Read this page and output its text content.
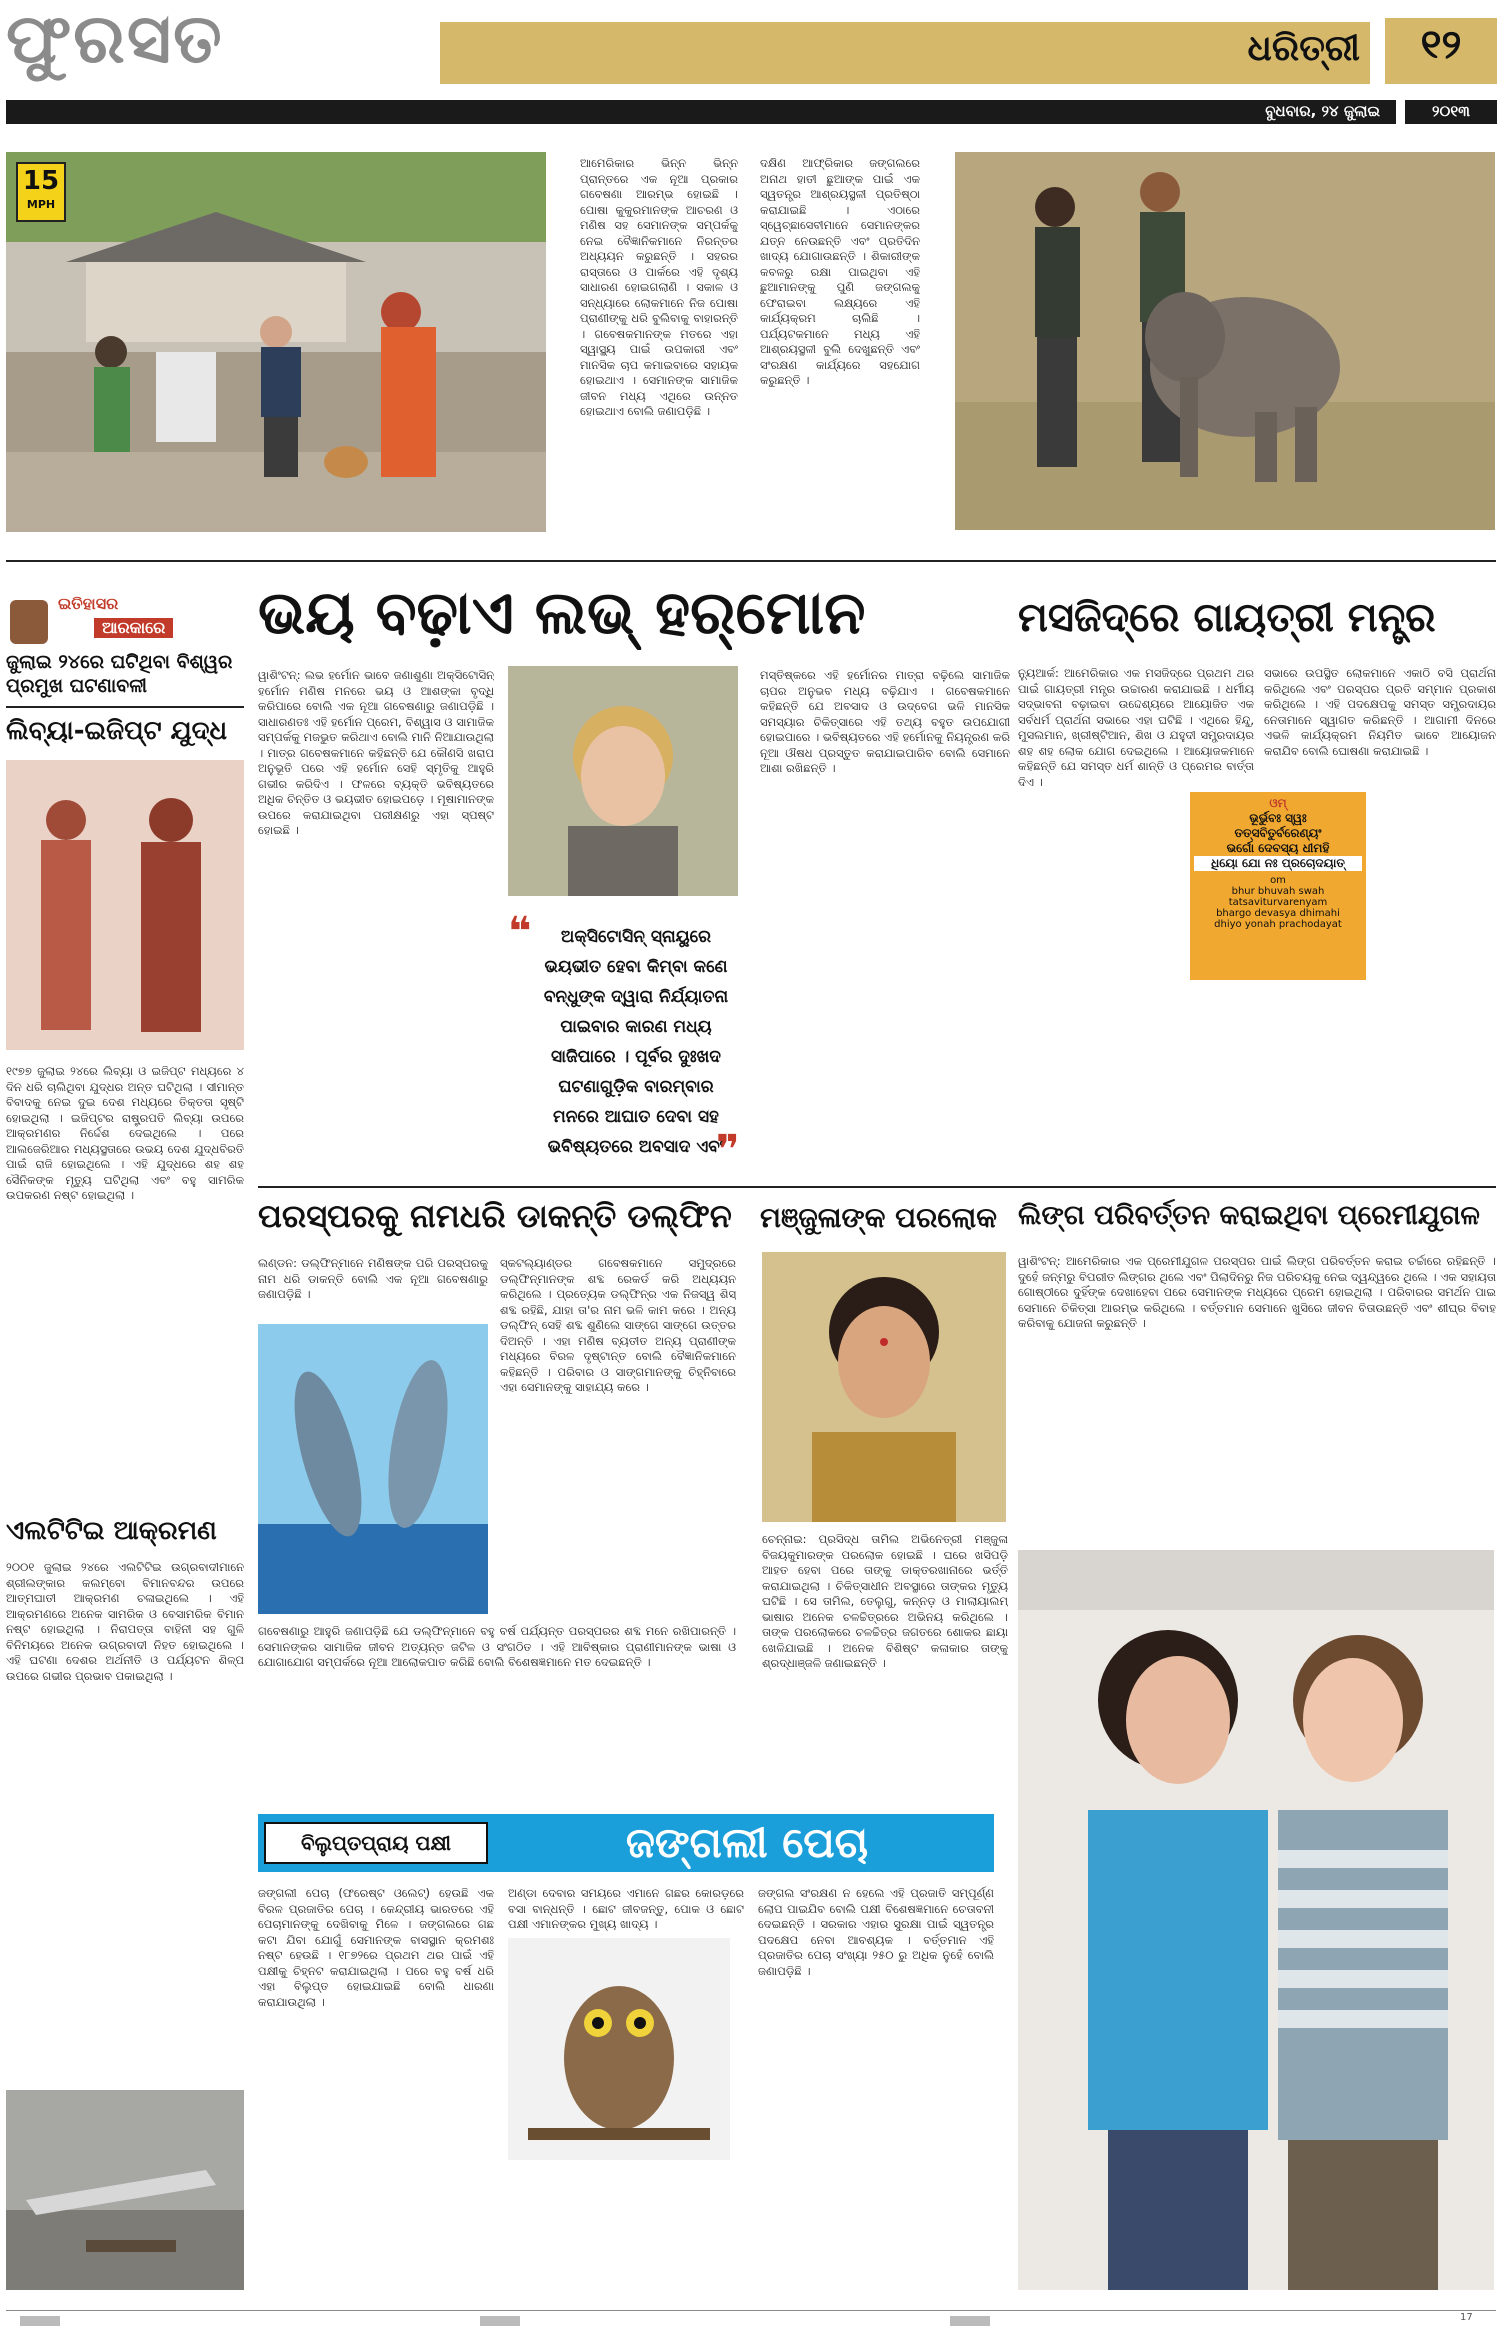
ଫୁରସତ	ଧରିତ୍ରୀ	୧୨
ବୁଧବାର, ୨୪ ଜୁଲାଇ	୨୦୧୩
15
MPH
ଆମେରିକାର ଭିନ୍ନ ଭିନ୍ନ ପ୍ରାନ୍ତରେ ଏକ ନୂଆ ପ୍ରକାର ଗବେଷଣା ଆରମ୍ଭ ହୋଇଛି । ପୋଷା କୁକୁରମାନଙ୍କ ଆଚରଣ ଓ ମଣିଷ ସହ ସେମାନଙ୍କ ସମ୍ପର୍କକୁ ନେଇ ବୈଜ୍ଞାନିକମାନେ ନିରନ୍ତର ଅଧ୍ୟୟନ କରୁଛନ୍ତି । ସହରର ରାସ୍ତାରେ ଓ ପାର୍କରେ ଏହି ଦୃଶ୍ୟ ସାଧାରଣ ହୋଇଗଲାଣି । ସକାଳ ଓ ସନ୍ଧ୍ୟାରେ ଲୋକମାନେ ନିଜ ପୋଷା ପ୍ରାଣୀଙ୍କୁ ଧରି ବୁଲିବାକୁ ବାହାରନ୍ତି । ଗବେଷକମାନଙ୍କ ମତରେ ଏହା ସ୍ୱାସ୍ଥ୍ୟ ପାଇଁ ଉପକାରୀ ଏବଂ ମାନସିକ ଚାପ କମାଇବାରେ ସହାୟକ ହୋଇଥାଏ । ସେମାନଙ୍କ ସାମାଜିକ ଜୀବନ ମଧ୍ୟ ଏଥିରେ ଉନ୍ନତ ହୋଇଥାଏ ବୋଲି ଜଣାପଡ଼ିଛି ।
ଦକ୍ଷିଣ ଆଫ୍ରିକାର ଜଙ୍ଗଲରେ ଅନାଥ ହାତୀ ଛୁଆଙ୍କ ପାଇଁ ଏକ ସ୍ୱତନ୍ତ୍ର ଆଶ୍ରୟସ୍ଥଳୀ ପ୍ରତିଷ୍ଠା କରାଯାଇଛି । ଏଠାରେ ସ୍ୱେଚ୍ଛାସେବୀମାନେ ସେମାନଙ୍କର ଯତ୍ନ ନେଉଛନ୍ତି ଏବଂ ପ୍ରତିଦିନ ଖାଦ୍ୟ ଯୋଗାଉଛନ୍ତି । ଶିକାରୀଙ୍କ କବଳରୁ ରକ୍ଷା ପାଇଥିବା ଏହି ଛୁଆମାନଙ୍କୁ ପୁଣି ଜଙ୍ଗଲକୁ ଫେରାଇବା ଲକ୍ଷ୍ୟରେ ଏହି କାର୍ଯ୍ୟକ୍ରମ ଚାଲିଛି । ପର୍ଯ୍ୟଟକମାନେ ମଧ୍ୟ ଏହି ଆଶ୍ରୟସ୍ଥଳୀ ବୁଲି ଦେଖୁଛନ୍ତି ଏବଂ ସଂରକ୍ଷଣ କାର୍ଯ୍ୟରେ ସହଯୋଗ କରୁଛନ୍ତି ।
ଇତିହାସର
ଆରକାରେ
ଜୁଲାଇ ୨୪ରେ ଘଟିଥିବା ବିଶ୍ୱର ପ୍ରମୁଖ ଘଟଣାବଳୀ
ଲିବ୍ୟା-ଇଜିପ୍ଟ ଯୁଦ୍ଧ
୧୯୭୭ ଜୁଲାଇ ୨୪ରେ ଲିବ୍ୟା ଓ ଇଜିପ୍ଟ ମଧ୍ୟରେ ୪ ଦିନ ଧରି ଚାଲିଥିବା ଯୁଦ୍ଧର ଅନ୍ତ ଘଟିଥିଲା । ସୀମାନ୍ତ ବିବାଦକୁ ନେଇ ଦୁଇ ଦେଶ ମଧ୍ୟରେ ତିକ୍ତତା ସୃଷ୍ଟି ହୋଇଥିଲା । ଇଜିପ୍ଟର ରାଷ୍ଟ୍ରପତି ଲିବ୍ୟା ଉପରେ ଆକ୍ରମଣର ନିର୍ଦ୍ଦେଶ ଦେଇଥିଲେ । ପରେ ଆଲଜେରିଆର ମଧ୍ୟସ୍ଥତାରେ ଉଭୟ ଦେଶ ଯୁଦ୍ଧବିରତି ପାଇଁ ରାଜି ହୋଇଥିଲେ । ଏହି ଯୁଦ୍ଧରେ ଶହ ଶହ ସୈନିକଙ୍କ ମୃତ୍ୟୁ ଘଟିଥିଲା ଏବଂ ବହୁ ସାମରିକ ଉପକରଣ ନଷ୍ଟ ହୋଇଥିଲା ।
ଏଲଟିଟିଇ ଆକ୍ରମଣ
୨୦୦୧ ଜୁଲାଇ ୨୪ରେ ଏଲଟିଟିଇ ଉଗ୍ରବାଦୀମାନେ ଶ୍ରୀଲଙ୍କାର କଲମ୍ବୋ ବିମାନବନ୍ଦର ଉପରେ ଆତ୍ମଘାତୀ ଆକ୍ରମଣ ଚଳାଇଥିଲେ । ଏହି ଆକ୍ରମଣରେ ଅନେକ ସାମରିକ ଓ ବେସାମରିକ ବିମାନ ନଷ୍ଟ ହୋଇଥିଲା । ନିରାପତ୍ତା ବାହିନୀ ସହ ଗୁଳି ବିନିମୟରେ ଅନେକ ଉଗ୍ରବାଦୀ ନିହତ ହୋଇଥିଲେ । ଏହି ଘଟଣା ଦେଶର ଅର୍ଥନୀତି ଓ ପର୍ଯ୍ୟଟନ ଶିଳ୍ପ ଉପରେ ଗଭୀର ପ୍ରଭାବ ପକାଇଥିଲା ।
ଭୟ ବଢ଼ାଏ ଲଭ୍ ହର୍‌ମୋନ
ୱାଶିଂଟନ୍: ଲଭ ହର୍ମୋନ ଭାବେ ଜଣାଶୁଣା ଅକ୍ସିଟୋସିନ୍ ହର୍ମୋନ ମଣିଷ ମନରେ ଭୟ ଓ ଆଶଙ୍କା ବୃଦ୍ଧି କରିପାରେ ବୋଲି ଏକ ନୂଆ ଗବେଷଣାରୁ ଜଣାପଡ଼ିଛି । ସାଧାରଣତଃ ଏହି ହର୍ମୋନ ପ୍ରେମ, ବିଶ୍ୱାସ ଓ ସାମାଜିକ ସମ୍ପର୍କକୁ ମଜଭୁତ କରିଥାଏ ବୋଲି ମାନି ନିଆଯାଉଥିଲା । ମାତ୍ର ଗବେଷକମାନେ କହିଛନ୍ତି ଯେ କୌଣସି ଖରାପ ଅନୁଭୂତି ପରେ ଏହି ହର୍ମୋନ ସେହି ସ୍ମୃତିକୁ ଆହୁରି ଗଭୀର କରିଦିଏ । ଫଳରେ ବ୍ୟକ୍ତି ଭବିଷ୍ୟତରେ ଅଧିକ ଚିନ୍ତିତ ଓ ଭୟଭୀତ ହୋଇପଡ଼େ । ମୂଷାମାନଙ୍କ ଉପରେ କରାଯାଇଥିବା ପରୀକ୍ଷଣରୁ ଏହା ସ୍ପଷ୍ଟ ହୋଇଛି ।
❝	ଅକ୍ସିଟୋସିନ୍ ସ୍ନାୟୁରେ ଭୟଭୀତ ହେବା କିମ୍ବା କଣେ ବନ୍ଧୁଙ୍କ ଦ୍ୱାରା ନିର୍ଯ୍ୟାତନା ପାଇବାର କାରଣ ମଧ୍ୟ ସାଜିପାରେ । ପୂର୍ବର ଦୁଃଖଦ ଘଟଣାଗୁଡ଼ିକ ବାରମ୍ବାର ମନରେ ଆଘାତ ଦେବା ସହ ଭବିଷ୍ୟତରେ ଅବସାଦ ଏବଂ
❞
ମସ୍ତିଷ୍କରେ ଏହି ହର୍ମୋନର ମାତ୍ରା ବଢ଼ିଲେ ସାମାଜିକ ଚାପର ଅନୁଭବ ମଧ୍ୟ ବଢ଼ିଯାଏ । ଗବେଷକମାନେ କହିଛନ୍ତି ଯେ ଅବସାଦ ଓ ଉଦ୍‌ବେଗ ଭଳି ମାନସିକ ସମସ୍ୟାର ଚିକିତ୍ସାରେ ଏହି ତଥ୍ୟ ବହୁତ ଉପଯୋଗୀ ହୋଇପାରେ । ଭବିଷ୍ୟତରେ ଏହି ହର୍ମୋନକୁ ନିୟନ୍ତ୍ରଣ କରି ନୂଆ ଔଷଧ ପ୍ରସ୍ତୁତ କରାଯାଇପାରିବ ବୋଲି ସେମାନେ ଆଶା ରଖିଛନ୍ତି ।
ମସଜିଦ୍‌ରେ ଗାୟତ୍ରୀ ମନ୍ତ୍ର
ନ୍ୟୁଆର୍କ: ଆମେରିକାର ଏକ ମସଜିଦ୍‌ରେ ପ୍ରଥମ ଥର ପାଇଁ ଗାୟତ୍ରୀ ମନ୍ତ୍ର ଉଚ୍ଚାରଣ କରାଯାଇଛି । ଧର୍ମୀୟ ସଦ୍ଭାବନା ବଢ଼ାଇବା ଉଦ୍ଦେଶ୍ୟରେ ଆୟୋଜିତ ଏକ ସର୍ବଧର୍ମ ପ୍ରାର୍ଥନା ସଭାରେ ଏହା ଘଟିଛି । ଏଥିରେ ହିନ୍ଦୁ, ମୁସଲମାନ, ଖ୍ରୀଷ୍ଟିଆନ, ଶିଖ ଓ ଯହୁଦୀ ସମ୍ପ୍ରଦାୟର ଶହ ଶହ ଲୋକ ଯୋଗ ଦେଇଥିଲେ । ଆୟୋଜକମାନେ କହିଛନ୍ତି ଯେ ସମସ୍ତ ଧର୍ମ ଶାନ୍ତି ଓ ପ୍ରେମର ବାର୍ତ୍ତା ଦିଏ ।
ସଭାରେ ଉପସ୍ଥିତ ଲୋକମାନେ ଏକାଠି ବସି ପ୍ରାର୍ଥନା କରିଥିଲେ ଏବଂ ପରସ୍ପର ପ୍ରତି ସମ୍ମାନ ପ୍ରକାଶ କରିଥିଲେ । ଏହି ପଦକ୍ଷେପକୁ ସମସ୍ତ ସମ୍ପ୍ରଦାୟର ନେତାମାନେ ସ୍ୱାଗତ କରିଛନ୍ତି । ଆଗାମୀ ଦିନରେ ଏଭଳି କାର୍ଯ୍ୟକ୍ରମ ନିୟମିତ ଭାବେ ଆୟୋଜନ କରାଯିବ ବୋଲି ଘୋଷଣା କରାଯାଇଛି ।
ଓମ୍
ଭୂର୍ଭୁବଃ ସ୍ୱଃ
ତତ୍‌ସବିତୁର୍ବରେଣ୍ୟଂ
ଭର୍ଗୋ ଦେବସ୍ୟ ଧୀମହି
ଧିୟୋ ଯୋ ନଃ ପ୍ରଚୋଦୟାତ୍
om
bhur bhuvah swah
tatsaviturvarenyam
bhargo devasya dhimahi
dhiyo yonah prachodayat
ପରସ୍ପରକୁ ନାମଧରି ଡାକନ୍ତି ଡଲ୍‌ଫିନ
ଲଣ୍ଡନ: ଡଲ୍‌ଫିନ୍‌ମାନେ ମଣିଷଙ୍କ ପରି ପରସ୍ପରକୁ ନାମ ଧରି ଡାକନ୍ତି ବୋଲି ଏକ ନୂଆ ଗବେଷଣାରୁ ଜଣାପଡ଼ିଛି ।
ସ୍କଟଲ୍ୟାଣ୍ଡର ଗବେଷକମାନେ ସମୁଦ୍ରରେ ଡଲ୍‌ଫିନ୍‌ମାନଙ୍କ ଶବ୍ଦ ରେକର୍ଡ କରି ଅଧ୍ୟୟନ କରିଥିଲେ । ପ୍ରତ୍ୟେକ ଡଲ୍‌ଫିନ୍‌ର ଏକ ନିଜସ୍ୱ ଶିସ୍ ଶବ୍ଦ ରହିଛି, ଯାହା ତା'ର ନାମ ଭଳି କାମ କରେ । ଅନ୍ୟ ଡଲ୍‌ଫିନ୍ ସେହି ଶବ୍ଦ ଶୁଣିଲେ ସାଙ୍ଗେ ସାଙ୍ଗେ ଉତ୍ତର ଦିଅନ୍ତି । ଏହା ମଣିଷ ବ୍ୟତୀତ ଅନ୍ୟ ପ୍ରାଣୀଙ୍କ ମଧ୍ୟରେ ବିରଳ ଦୃଷ୍ଟାନ୍ତ ବୋଲି ବୈଜ୍ଞାନିକମାନେ କହିଛନ୍ତି । ପରିବାର ଓ ସାଙ୍ଗମାନଙ୍କୁ ଚିହ୍ନିବାରେ ଏହା ସେମାନଙ୍କୁ ସାହାଯ୍ୟ କରେ ।
ଗବେଷଣାରୁ ଆହୁରି ଜଣାପଡ଼ିଛି ଯେ ଡଲ୍‌ଫିନ୍‌ମାନେ ବହୁ ବର୍ଷ ପର୍ଯ୍ୟନ୍ତ ପରସ୍ପରର ଶବ୍ଦ ମନେ ରଖିପାରନ୍ତି । ସେମାନଙ୍କର ସାମାଜିକ ଜୀବନ ଅତ୍ୟନ୍ତ ଜଟିଳ ଓ ସଂଗଠିତ । ଏହି ଆବିଷ୍କାର ପ୍ରାଣୀମାନଙ୍କ ଭାଷା ଓ ଯୋଗାଯୋଗ ସମ୍ପର୍କରେ ନୂଆ ଆଲୋକପାତ କରିଛି ବୋଲି ବିଶେଷଜ୍ଞମାନେ ମତ ଦେଇଛନ୍ତି ।
ମଞ୍ଜୁଳାଙ୍କ ପରଲୋକ
ଚେନ୍ନାଇ: ପ୍ରସିଦ୍ଧ ତାମିଲ ଅଭିନେତ୍ରୀ ମଞ୍ଜୁଳା ବିଜୟକୁମାରଙ୍କ ପରଲୋକ ହୋଇଛି । ଘରେ ଖସିପଡ଼ି ଆହତ ହେବା ପରେ ତାଙ୍କୁ ଡାକ୍ତରଖାନାରେ ଭର୍ତ୍ତି କରାଯାଇଥିଲା । ଚିକିତ୍ସାଧୀନ ଅବସ୍ଥାରେ ତାଙ୍କର ମୃତ୍ୟୁ ଘଟିଛି । ସେ ତାମିଲ, ତେଲୁଗୁ, କନ୍ନଡ଼ ଓ ମାଲାୟାଲମ୍ ଭାଷାର ଅନେକ ଚଳଚ୍ଚିତ୍ରରେ ଅଭିନୟ କରିଥିଲେ । ତାଙ୍କ ପରଲୋକରେ ଚଳଚ୍ଚିତ୍ର ଜଗତରେ ଶୋକର ଛାୟା ଖେଳିଯାଇଛି । ଅନେକ ବିଶିଷ୍ଟ କଳାକାର ତାଙ୍କୁ ଶ୍ରଦ୍ଧାଞ୍ଜଳି ଜଣାଇଛନ୍ତି ।
ଲିଙ୍ଗ ପରିବର୍ତ୍ତନ କରାଇଥିବା ପ୍ରେମୀଯୁଗଳ
ୱାଶିଂଟନ୍: ଆମେରିକାର ଏକ ପ୍ରେମୀଯୁଗଳ ପରସ୍ପର ପାଇଁ ଲିଙ୍ଗ ପରିବର୍ତ୍ତନ କରାଇ ଚର୍ଚ୍ଚାରେ ରହିଛନ୍ତି । ଦୁହେଁ ଜନ୍ମରୁ ବିପରୀତ ଲିଙ୍ଗର ଥିଲେ ଏବଂ ପିଲାଦିନରୁ ନିଜ ପରିଚୟକୁ ନେଇ ଦ୍ୱନ୍ଦ୍ୱରେ ଥିଲେ । ଏକ ସହାୟତା ଗୋଷ୍ଠୀରେ ଦୁହିଁଙ୍କ ଦେଖାହେବା ପରେ ସେମାନଙ୍କ ମଧ୍ୟରେ ପ୍ରେମ ହୋଇଥିଲା । ପରିବାରର ସମର୍ଥନ ପାଇ ସେମାନେ ଚିକିତ୍ସା ଆରମ୍ଭ କରିଥିଲେ । ବର୍ତ୍ତମାନ ସେମାନେ ଖୁସିରେ ଜୀବନ ବିତାଉଛନ୍ତି ଏବଂ ଶୀଘ୍ର ବିବାହ କରିବାକୁ ଯୋଜନା କରୁଛନ୍ତି ।
ବିଲୁପ୍ତପ୍ରାୟ ପକ୍ଷୀ	ଜଙ୍ଗଲୀ ପେଚା
ଜଙ୍ଗଲୀ ପେଚା (ଫରେଷ୍ଟ ଓଲେଟ୍) ହେଉଛି ଏକ ବିରଳ ପ୍ରଜାତିର ପେଚା । କେନ୍ଦ୍ରୀୟ ଭାରତରେ ଏହି ପେଚାମାନଙ୍କୁ ଦେଖିବାକୁ ମିଳେ । ଜଙ୍ଗଲରେ ଗଛ କଟା ଯିବା ଯୋଗୁଁ ସେମାନଙ୍କ ବାସସ୍ଥାନ କ୍ରମଶଃ ନଷ୍ଟ ହେଉଛି । ୧୮୭୨ରେ ପ୍ରଥମ ଥର ପାଇଁ ଏହି ପକ୍ଷୀକୁ ଚିହ୍ନଟ କରାଯାଇଥିଲା । ପରେ ବହୁ ବର୍ଷ ଧରି ଏହା ବିଲୁପ୍ତ ହୋଇଯାଇଛି ବୋଲି ଧାରଣା କରାଯାଉଥିଲା ।
ଅଣ୍ଡା ଦେବାର ସମୟରେ ଏମାନେ ଗଛର କୋରଡ଼ରେ ବସା ବାନ୍ଧନ୍ତି । ଛୋଟ ଜୀବଜନ୍ତୁ, ପୋକ ଓ ଛୋଟ ପକ୍ଷୀ ଏମାନଙ୍କର ମୁଖ୍ୟ ଖାଦ୍ୟ ।
ଜଙ୍ଗଲ ସଂରକ୍ଷଣ ନ ହେଲେ ଏହି ପ୍ରଜାତି ସମ୍ପୂର୍ଣ୍ଣ ଲୋପ ପାଇଯିବ ବୋଲି ପକ୍ଷୀ ବିଶେଷଜ୍ଞମାନେ ଚେତାବନୀ ଦେଇଛନ୍ତି । ସରକାର ଏହାର ସୁରକ୍ଷା ପାଇଁ ସ୍ୱତନ୍ତ୍ର ପଦକ୍ଷେପ ନେବା ଆବଶ୍ୟକ । ବର୍ତ୍ତମାନ ଏହି ପ୍ରଜାତିର ପେଚା ସଂଖ୍ୟା ୨୫୦ ରୁ ଅଧିକ ନୁହେଁ ବୋଲି ଜଣାପଡ଼ିଛି ।
17
